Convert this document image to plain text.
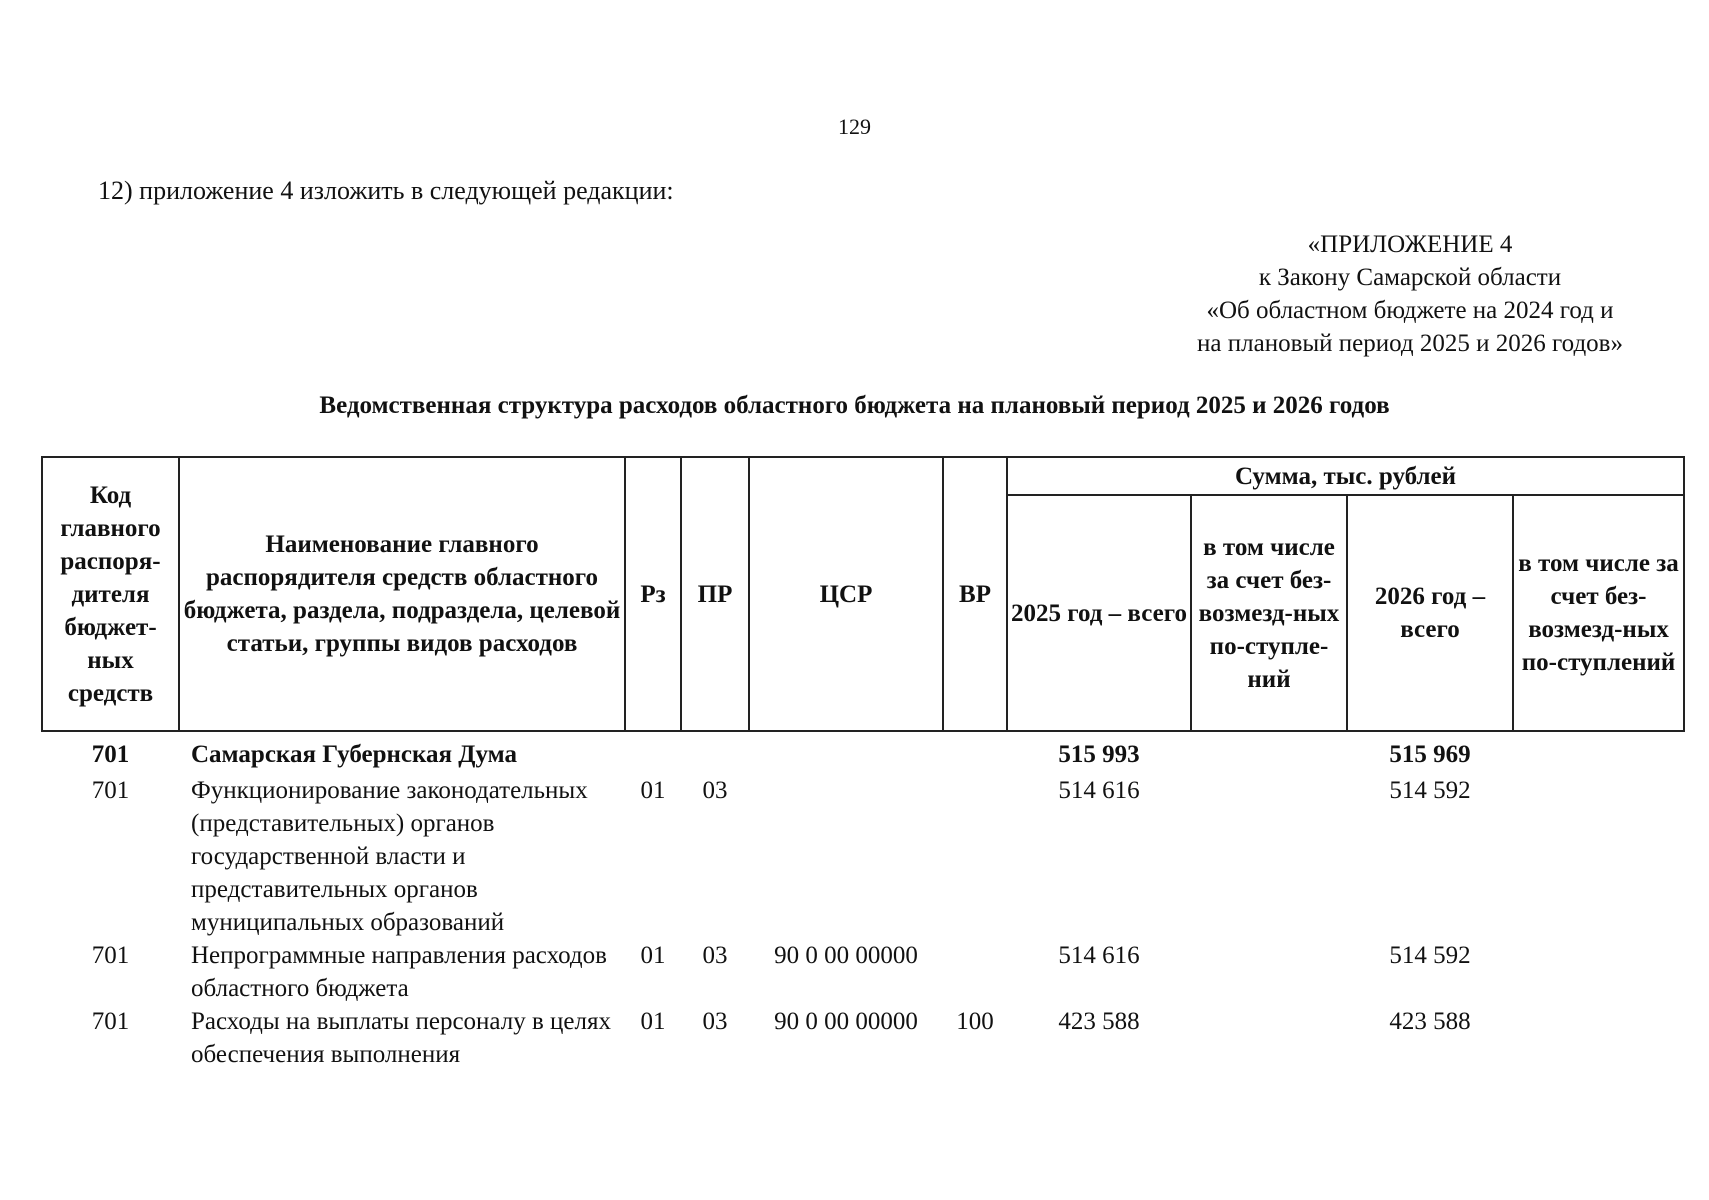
129
12) приложение 4 изложить в следующей редакции:
«ПРИЛОЖЕНИЕ 4
к Закону Самарской области
«Об областном бюджете на 2024 год и
на плановый период 2025 и 2026 годов»
Ведомственная структура расходов областного бюджета на плановый период 2025 и 2026 годов
Код главного распоря-дителя бюджет-ных средств	Наименование главного распорядителя средств областного бюджета, раздела, подраздела, целевой статьи, группы видов расходов	Рз	ПР	ЦСР	ВР	Сумма, тыс. рублей			
						2025 год – всего	в том числе за счет без-возмезд-ных по-ступле-ний	2026 год – всего	в том числе за счет без-возмезд-ных по-ступлений
701	Самарская Губернская Дума					515 993		515 969	
701	Функционирование законодательных (представительных) органов государственной власти и представительных органов муниципальных образований	01	03			514 616		514 592	
701	Непрограммные направления расходов областного бюджета	01	03	90 0 00 00000		514 616		514 592	
701	Расходы на выплаты персоналу в целях обеспечения выполнения	01	03	90 0 00 00000	100	423 588		423 588	
